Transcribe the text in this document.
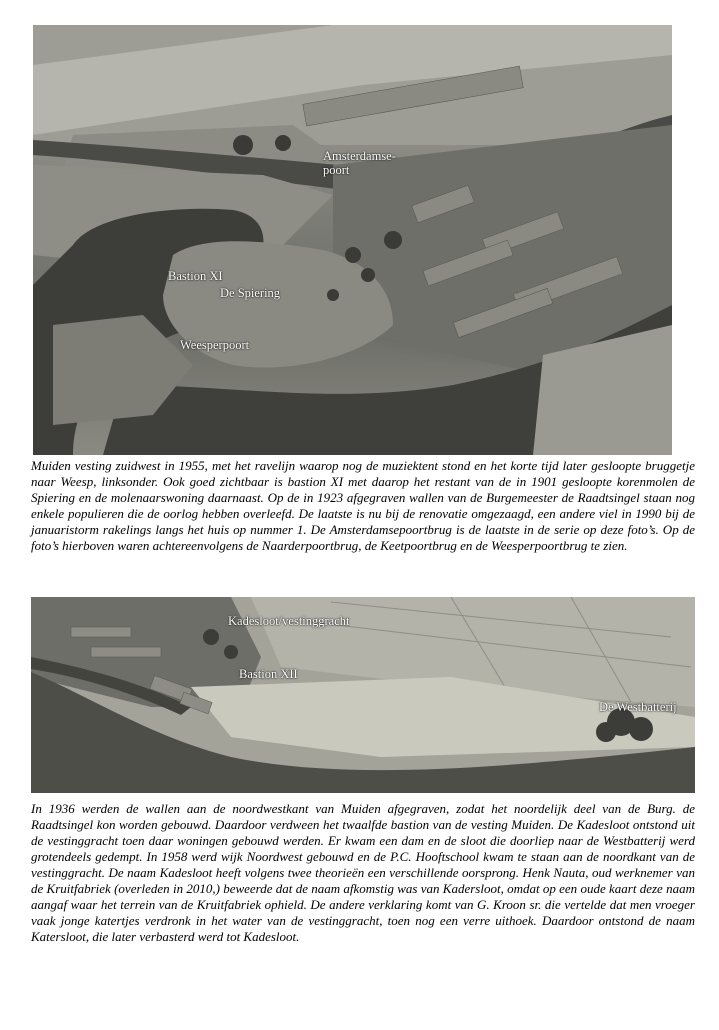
Amsterdamse-
poort
Bastion XI
De Spiering
Weesperpoort

Muiden vesting zuidwest in 1955, met het ravelijn waarop nog de muziektent stond en het korte tijd later gesloopte bruggetje naar Weesp, linksonder. Ook goed zichtbaar is bastion XI met daarop het restant van de in 1901 gesloopte korenmolen de Spiering en de molenaarswoning daarnaast. Op de in 1923 afgegraven wallen van de Burgemeester de Raadtsingel staan nog enkele populieren die de oorlog hebben overleefd. De laatste is nu bij de renovatie omgezaagd, een andere viel in 1990 bij de januaristorm rakelings langs het huis op nummer 1. De Amsterdamsepoortbrug is de laatste in de serie op deze foto’s. Op de foto’s hierboven waren achtereenvolgens de Naarderpoortbrug, de Keetpoortbrug en de Weesperpoortbrug te zien.

Kadesloot/vestinggracht
Bastion XII
De Westbatterij

In 1936 werden de wallen aan de noordwestkant van Muiden afgegraven, zodat het noordelijk deel van de Burg. de Raadtsingel kon worden gebouwd. Daardoor verdween het twaalfde bastion van de vesting Muiden. De Kadesloot ontstond uit de vestinggracht toen daar woningen gebouwd werden. Er kwam een dam en de sloot die doorliep naar de Westbatterij werd grotendeels gedempt. In 1958 werd wijk Noordwest gebouwd en de P.C. Hooftschool kwam te staan aan de noordkant van de vestinggracht. De naam Kadesloot heeft volgens twee theorieën een verschillende oorsprong. Henk Nauta, oud werknemer van de Kruitfabriek (overleden in 2010,) beweerde dat de naam afkomstig was van Kadersloot, omdat op een oude kaart deze naam aangaf waar het terrein van de Kruitfabriek ophield. De andere verklaring komt van G. Kroon sr. die vertelde dat men vroeger vaak jonge katertjes verdronk in het water van de vestinggracht, toen nog een verre uithoek. Daardoor ontstond de naam Katersloot, die later verbasterd werd tot Kadesloot.
